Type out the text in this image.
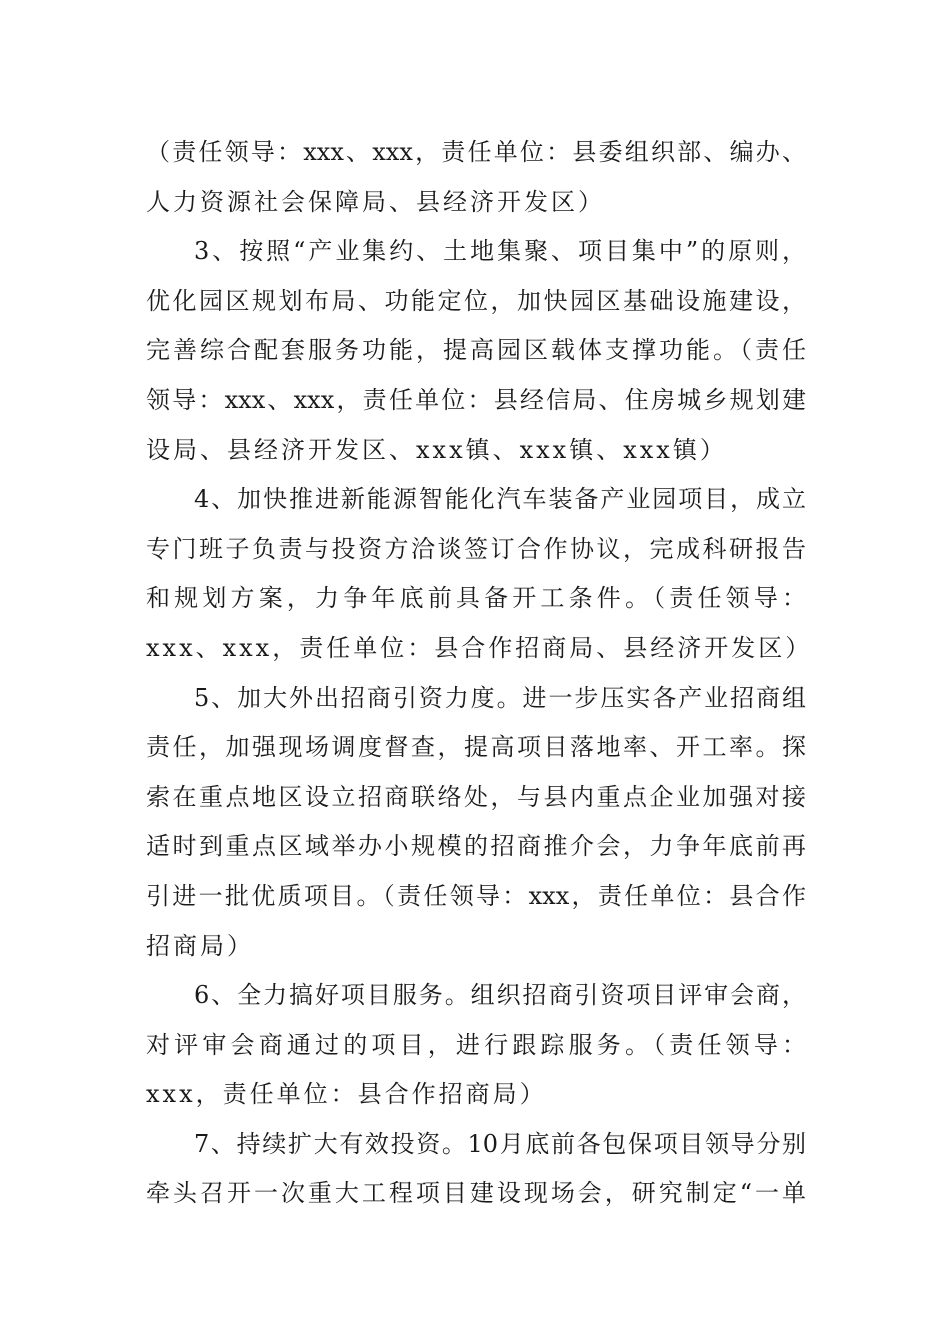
（责任领导：xxx、xxx，责任单位：县委组织部、编办、
人力资源社会保障局、县经济开发区）
3、按照“产业集约、土地集聚、项目集中”的原则，
优化园区规划布局、功能定位，加快园区基础设施建设，
完善综合配套服务功能，提高园区载体支撑功能。（责任
领导：xxx、xxx，责任单位：县经信局、住房城乡规划建
设局、县经济开发区、xxx镇、xxx镇、xxx镇）
4、加快推进新能源智能化汽车装备产业园项目，成立
专门班子负责与投资方洽谈签订合作协议，完成科研报告
和规划方案，力争年底前具备开工条件。（责任领导：
xxx、xxx，责任单位：县合作招商局、县经济开发区）
5、加大外出招商引资力度。进一步压实各产业招商组
责任，加强现场调度督查，提高项目落地率、开工率。探
索在重点地区设立招商联络处，与县内重点企业加强对接
适时到重点区域举办小规模的招商推介会，力争年底前再
引进一批优质项目。（责任领导：xxx，责任单位：县合作
招商局）
6、全力搞好项目服务。组织招商引资项目评审会商，
对评审会商通过的项目，进行跟踪服务。（责任领导：
xxx，责任单位：县合作招商局）
7、持续扩大有效投资。10月底前各包保项目领导分别
牵头召开一次重大工程项目建设现场会，研究制定“一单
